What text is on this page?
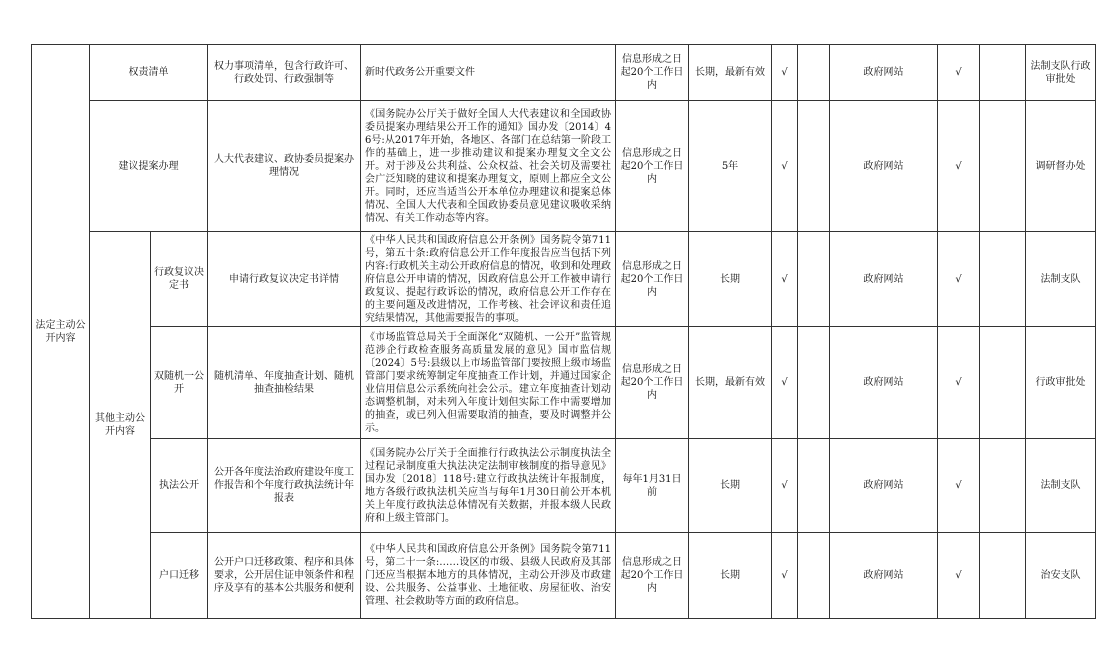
法定主动公开内容	权责清单		权力事项清单，包含行政许可、行政处罚、行政强制等	新时代政务公开重要文件	信息形成之日起20个工作日内	长期，最新有效	√		政府网站	√		法制支队行政审批处
	建议提案办理		人大代表建议、政协委员提案办理情况	《国务院办公厅关于做好全国人大代表建议和全国政协委员提案办理结果公开工作的通知》国办发〔2014〕46号:从2017年开始，各地区、各部门在总结第一阶段工作的基础上，进一步推动建议和提案办理复文全文公开。对于涉及公共利益、公众权益、社会关切及需要社会广泛知晓的建议和提案办理复文，原则上都应全文公开。同时，还应当适当公开本单位办理建议和提案总体情况、全国人大代表和全国政协委员意见建议吸收采纳情况、有关工作动态等内容。	信息形成之日起20个工作日内	5年	√		政府网站	√		调研督办处
	其他主动公开内容	行政复议决定书	申请行政复议决定书详情	《中华人民共和国政府信息公开条例》国务院令第711号，第五十条:政府信息公开工作年度报告应当包括下列内容:行政机关主动公开政府信息的情况，收到和处理政府信息公开申请的情况，因政府信息公开工作被申请行政复议、提起行政诉讼的情况，政府信息公开工作存在的主要问题及改进情况，工作考核、社会评议和责任追究结果情况，其他需要报告的事项。	信息形成之日起20个工作日内	长期	√		政府网站	√		法制支队
		双随机一公开	随机清单、年度抽查计划、随机抽查抽检结果	《市场监管总局关于全面深化“双随机、一公开”监管规范涉企行政检查服务高质量发展的意见》国市监信规〔2024〕5号:县级以上市场监管部门要按照上级市场监管部门要求统筹制定年度抽查工作计划，并通过国家企业信用信息公示系统向社会公示。建立年度抽查计划动态调整机制，对未列入年度计划但实际工作中需要增加的抽查，或已列入但需要取消的抽查，要及时调整并公示。	信息形成之日起20个工作日内	长期，最新有效	√		政府网站	√		行政审批处
		执法公开	公开各年度法治政府建设年度工作报告和个年度行政执法统计年报表	《国务院办公厅关于全面推行行政执法公示制度执法全过程记录制度重大执法决定法制审核制度的指导意见》国办发〔2018〕118号:建立行政执法统计年报制度，地方各级行政执法机关应当与每年1月30日前公开本机关上年度行政执法总体情况有关数据，并报本级人民政府和上级主管部门。	每年1月31日前	长期	√		政府网站	√		法制支队
		户口迁移	公开户口迁移政策、程序和具体要求，公开居住证申领条件和程序及享有的基本公共服务和便利	《中华人民共和国政府信息公开条例》国务院令第711号，第二十一条:……设区的市级、县级人民政府及其部门还应当根据本地方的具体情况，主动公开涉及市政建设、公共服务、公益事业、土地征收、房屋征收、治安管理、社会救助等方面的政府信息。	信息形成之日起20个工作日内	长期	√		政府网站	√		治安支队
